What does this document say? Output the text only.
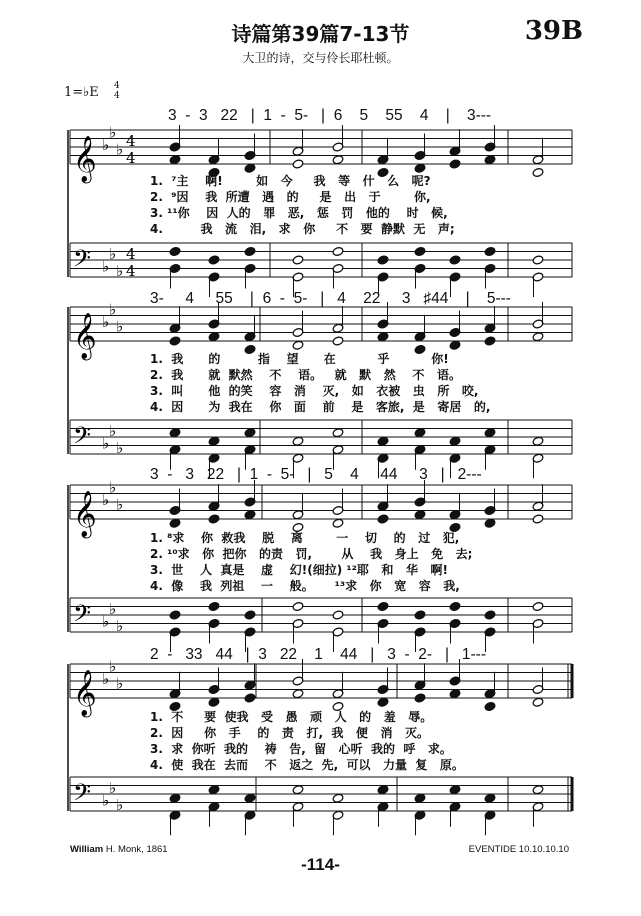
诗篇第39篇7-13节	39B
大卫的诗，交与伶长耶杜顿。
1=♭E 4
4
𝄞 ♭
♭
♭ 4
4
𝄢 ♭
♭
♭
4
4
𝄞 ♭
♭
♭
𝄢 ♭
♭
♭
𝄞 ♭
♭
♭
𝄢 ♭
♭
♭
𝄞 ♭
♭
♭
𝄢 ♭
♭
♭
3  -  3   22   |  1  -  5-   |  6    5    55    4    |    3---
1.  ⁷主    啊!        如   今     我   等   什   么   呢?
2.  ⁹因    我  所遭   遇   的     是   出   于        你,
3. ¹¹你    因  人的   罪   恶,   惩   罚   他的    时   候,
4.         我   流   泪,   求   你     不   要  静默  无   声;
3-     4     55    |  6  -  5-   |   4    22     3   ♯44    |    5---
1.  我      的         指    望      在          乎          你!
2.  我      就  默然    不    语。   就   默   然    不   语。
3.  叫      他  的笑    容   消    灭,   如   衣被   虫   所   咬,
4.  因      为  我在    你   面    前    是   客旅,  是   寄居   的,
3  -   3   22   |  1  -  5-   |   5    4     44     3   |   2---
1. ⁸求    你  救我    脱    离        一    切    的   过   犯,
2. ¹⁰求   你  把你   的责   罚,       从    我   身上   免   去;
3.  世    人  真是    虚    幻!(细拉) ¹²耶   和   华   啊!
4.  像    我  列祖    一    般。     ¹³求   你   宽   容   我,
2  -   33   44   |  3   22    1    44   |   3  -  2-   |   1---
1.  不     要  使我   受   愚   顽   人   的   羞   辱。
2.  因     你   手    的   责   打,  我   便   消   灭。
3.  求  你听  我的    祷   告,  留   心听  我的  呼   求。
4.  使  我在  去而    不   返之  先,  可以   力量  复   原。
William H. Monk, 1861	EVENTIDE 10.10.10.10
-114-
